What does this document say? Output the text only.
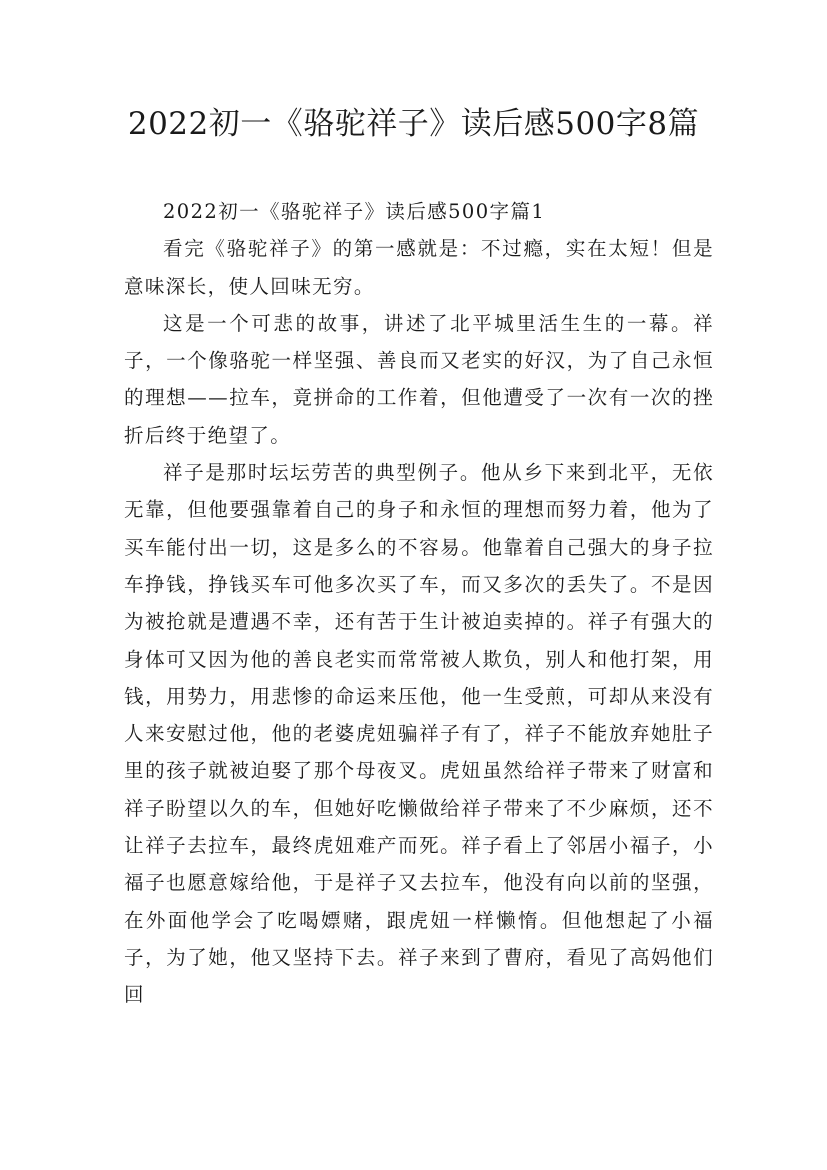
2022初一《骆驼祥子》读后感500字8篇

2022初一《骆驼祥子》读后感500字篇1

看完《骆驼祥子》的第一感就是：不过瘾，实在太短！但是意味深长，使人回味无穷。

这是一个可悲的故事，讲述了北平城里活生生的一幕。祥子，一个像骆驼一样坚强、善良而又老实的好汉，为了自己永恒的理想——拉车，竟拼命的工作着，但他遭受了一次有一次的挫折后终于绝望了。

祥子是那时坛坛劳苦的典型例子。他从乡下来到北平，无依无靠，但他要强靠着自己的身子和永恒的理想而努力着，他为了买车能付出一切，这是多么的不容易。他靠着自己强大的身子拉车挣钱，挣钱买车可他多次买了车，而又多次的丢失了。不是因为被抢就是遭遇不幸，还有苦于生计被迫卖掉的。祥子有强大的身体可又因为他的善良老实而常常被人欺负，别人和他打架，用钱，用势力，用悲惨的命运来压他，他一生受煎，可却从来没有人来安慰过他，他的老婆虎妞骗祥子有了，祥子不能放弃她肚子里的孩子就被迫娶了那个母夜叉。虎妞虽然给祥子带来了财富和祥子盼望以久的车，但她好吃懒做给祥子带来了不少麻烦，还不让祥子去拉车，最终虎妞难产而死。祥子看上了邻居小福子，小福子也愿意嫁给他，于是祥子又去拉车，他没有向以前的坚强，在外面他学会了吃喝嫖赌，跟虎妞一样懒惰。但他想起了小福子，为了她，他又坚持下去。祥子来到了曹府，看见了高妈他们回
